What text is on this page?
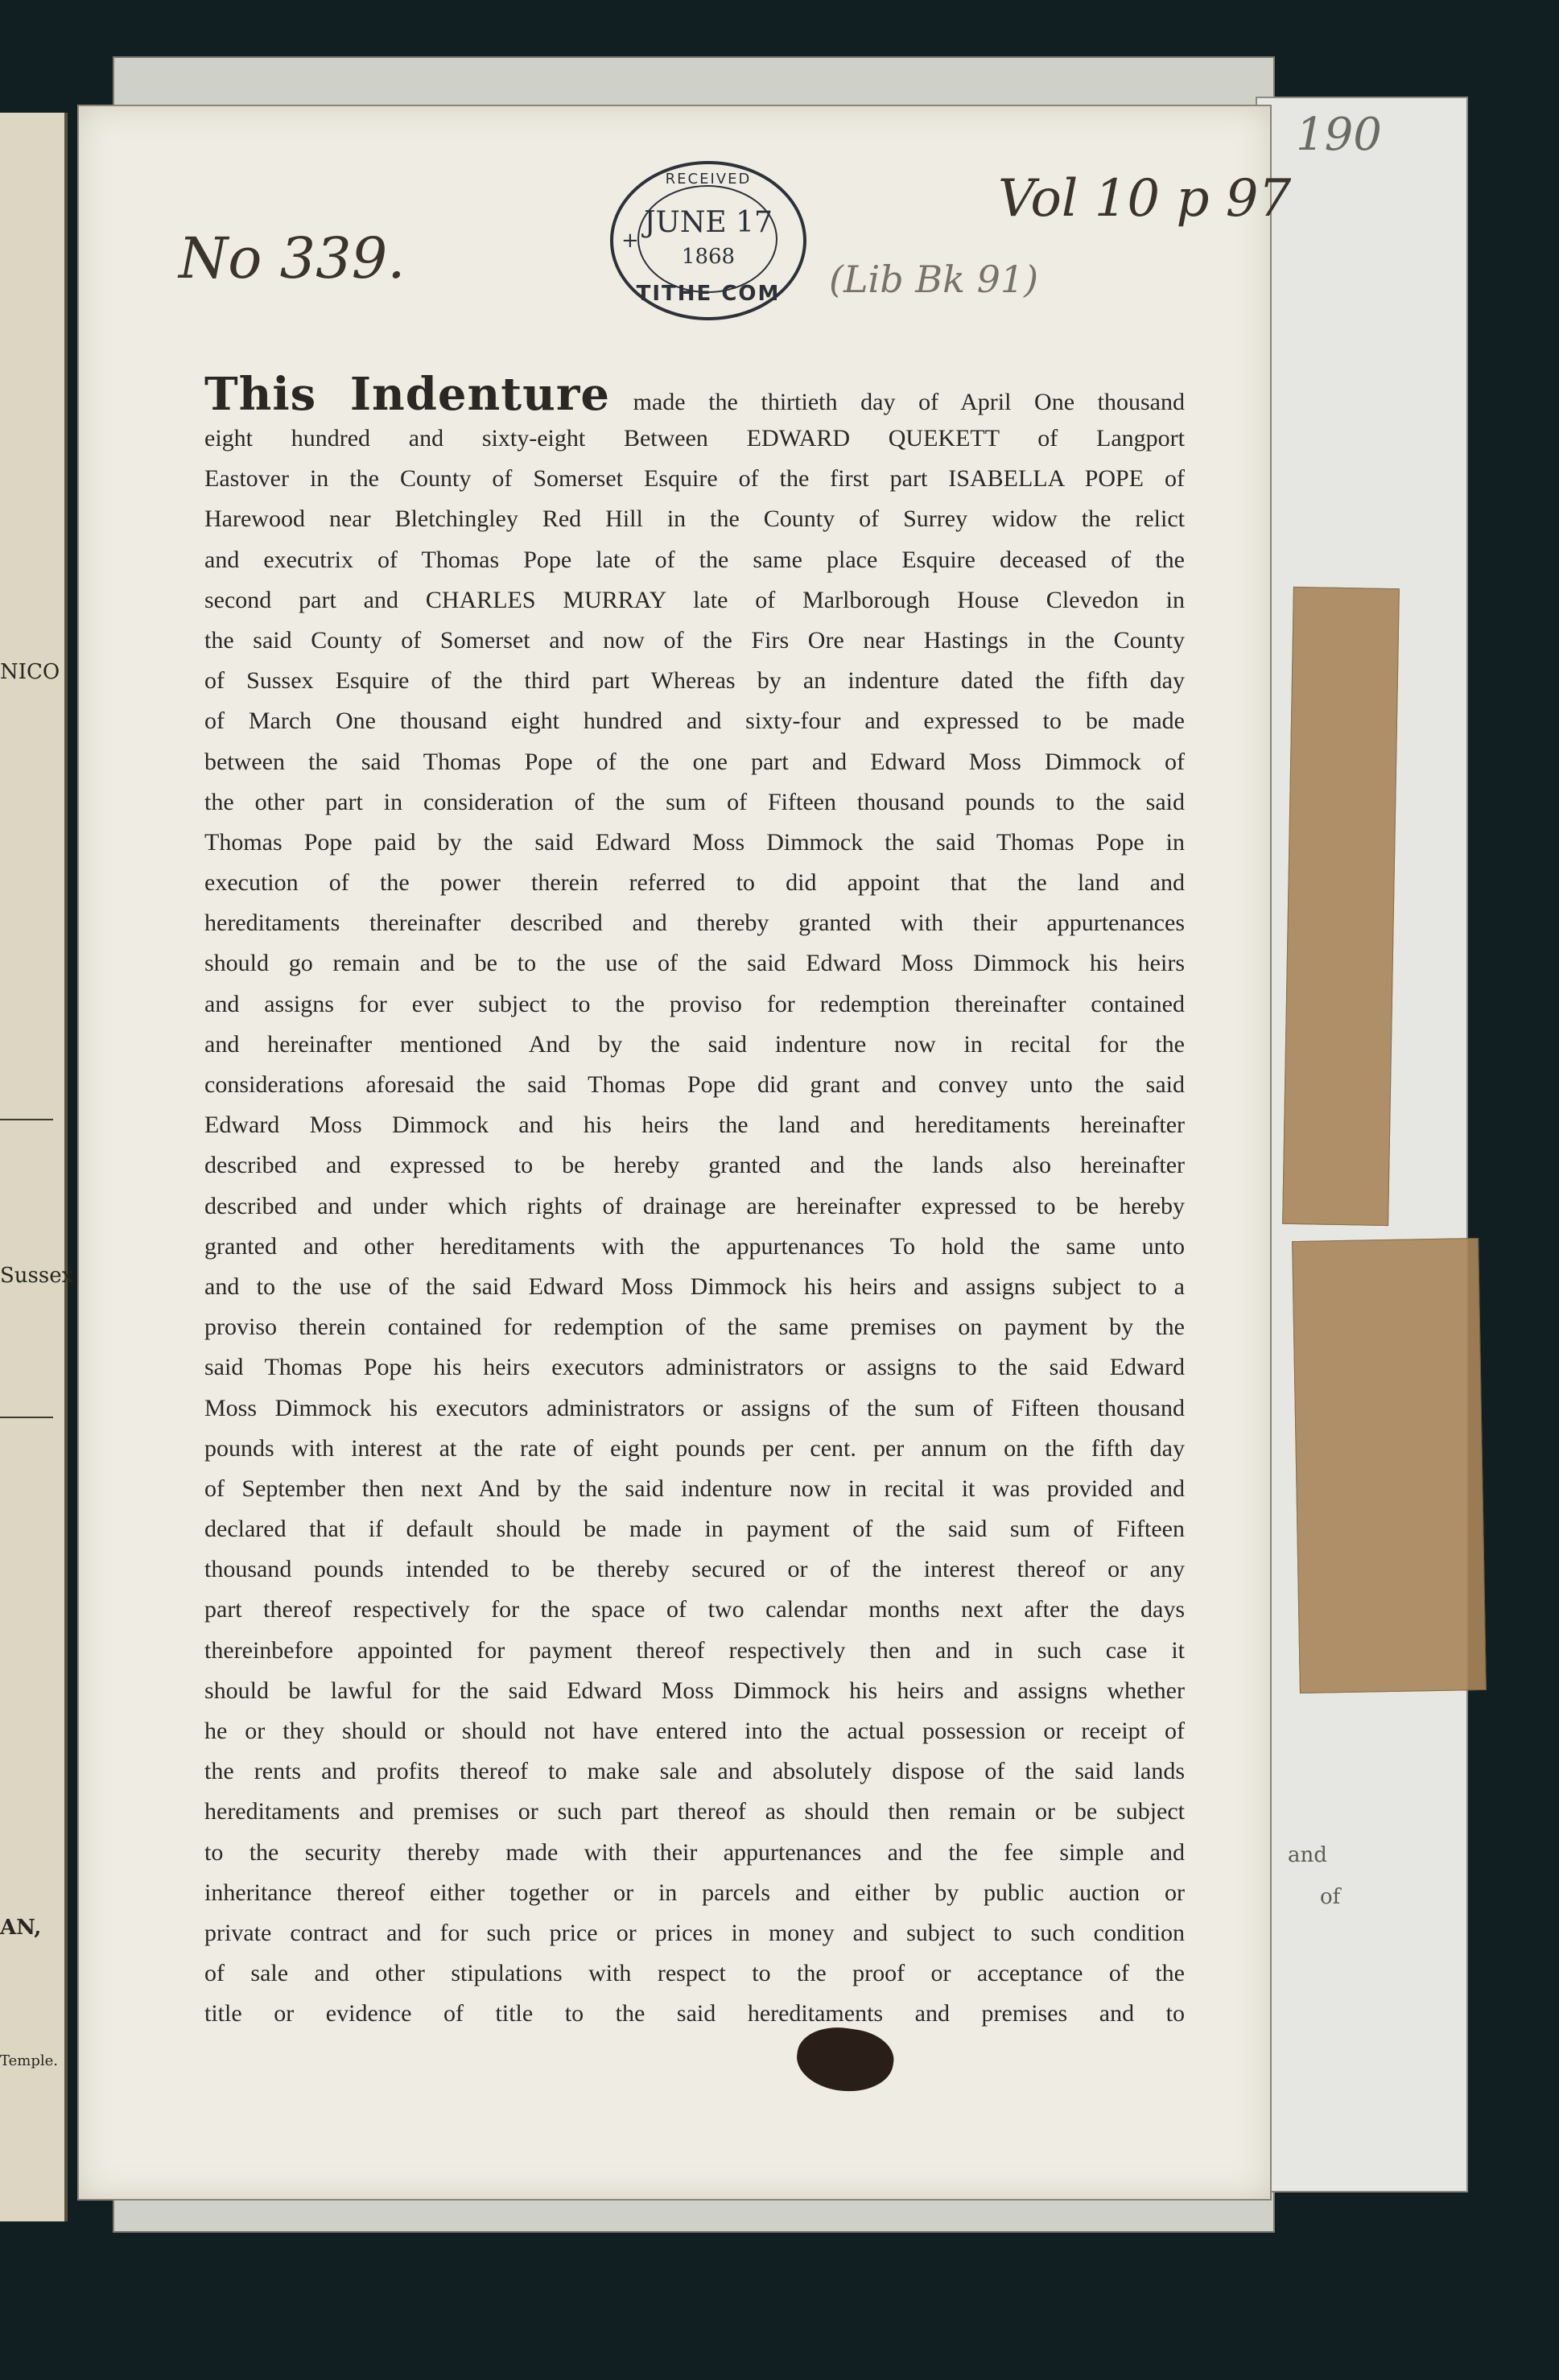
NICO
Sussex
AN,
Temple.
190
and
of
No 339.
Vol 10 p 97
(Lib Bk 91)
+
RECEIVED
JUNE 17
1868
TITHE COM
This Indenture made the thirtieth day of April One thousand
eight hundred and sixty-eight Between EDWARD QUEKETT of Langport
Eastover in the County of Somerset Esquire of the first part ISABELLA POPE of
Harewood near Bletchingley Red Hill in the County of Surrey widow the relict
and executrix of Thomas Pope late of the same place Esquire deceased of the
second part and CHARLES MURRAY late of Marlborough House Clevedon in
the said County of Somerset and now of the Firs Ore near Hastings in the County
of Sussex Esquire of the third part Whereas by an indenture dated the fifth day
of March One thousand eight hundred and sixty-four and expressed to be made
between the said Thomas Pope of the one part and Edward Moss Dimmock of
the other part in consideration of the sum of Fifteen thousand pounds to the said
Thomas Pope paid by the said Edward Moss Dimmock the said Thomas Pope in
execution of the power therein referred to did appoint that the land and
hereditaments thereinafter described and thereby granted with their appurtenances
should go remain and be to the use of the said Edward Moss Dimmock his heirs
and assigns for ever subject to the proviso for redemption thereinafter contained
and hereinafter mentioned And by the said indenture now in recital for the
considerations aforesaid the said Thomas Pope did grant and convey unto the said
Edward Moss Dimmock and his heirs the land and hereditaments hereinafter
described and expressed to be hereby granted and the lands also hereinafter
described and under which rights of drainage are hereinafter expressed to be hereby
granted and other hereditaments with the appurtenances To hold the same unto
and to the use of the said Edward Moss Dimmock his heirs and assigns subject to a
proviso therein contained for redemption of the same premises on payment by the
said Thomas Pope his heirs executors administrators or assigns to the said Edward
Moss Dimmock his executors administrators or assigns of the sum of Fifteen thousand
pounds with interest at the rate of eight pounds per cent. per annum on the fifth day
of September then next And by the said indenture now in recital it was provided and
declared that if default should be made in payment of the said sum of Fifteen
thousand pounds intended to be thereby secured or of the interest thereof or any
part thereof respectively for the space of two calendar months next after the days
thereinbefore appointed for payment thereof respectively then and in such case it
should be lawful for the said Edward Moss Dimmock his heirs and assigns whether
he or they should or should not have entered into the actual possession or receipt of
the rents and profits thereof to make sale and absolutely dispose of the said lands
hereditaments and premises or such part thereof as should then remain or be subject
to the security thereby made with their appurtenances and the fee simple and
inheritance thereof either together or in parcels and either by public auction or
private contract and for such price or prices in money and subject to such condition
of sale and other stipulations with respect to the proof or acceptance of the
title or evidence of title to the said hereditaments and premises and to
